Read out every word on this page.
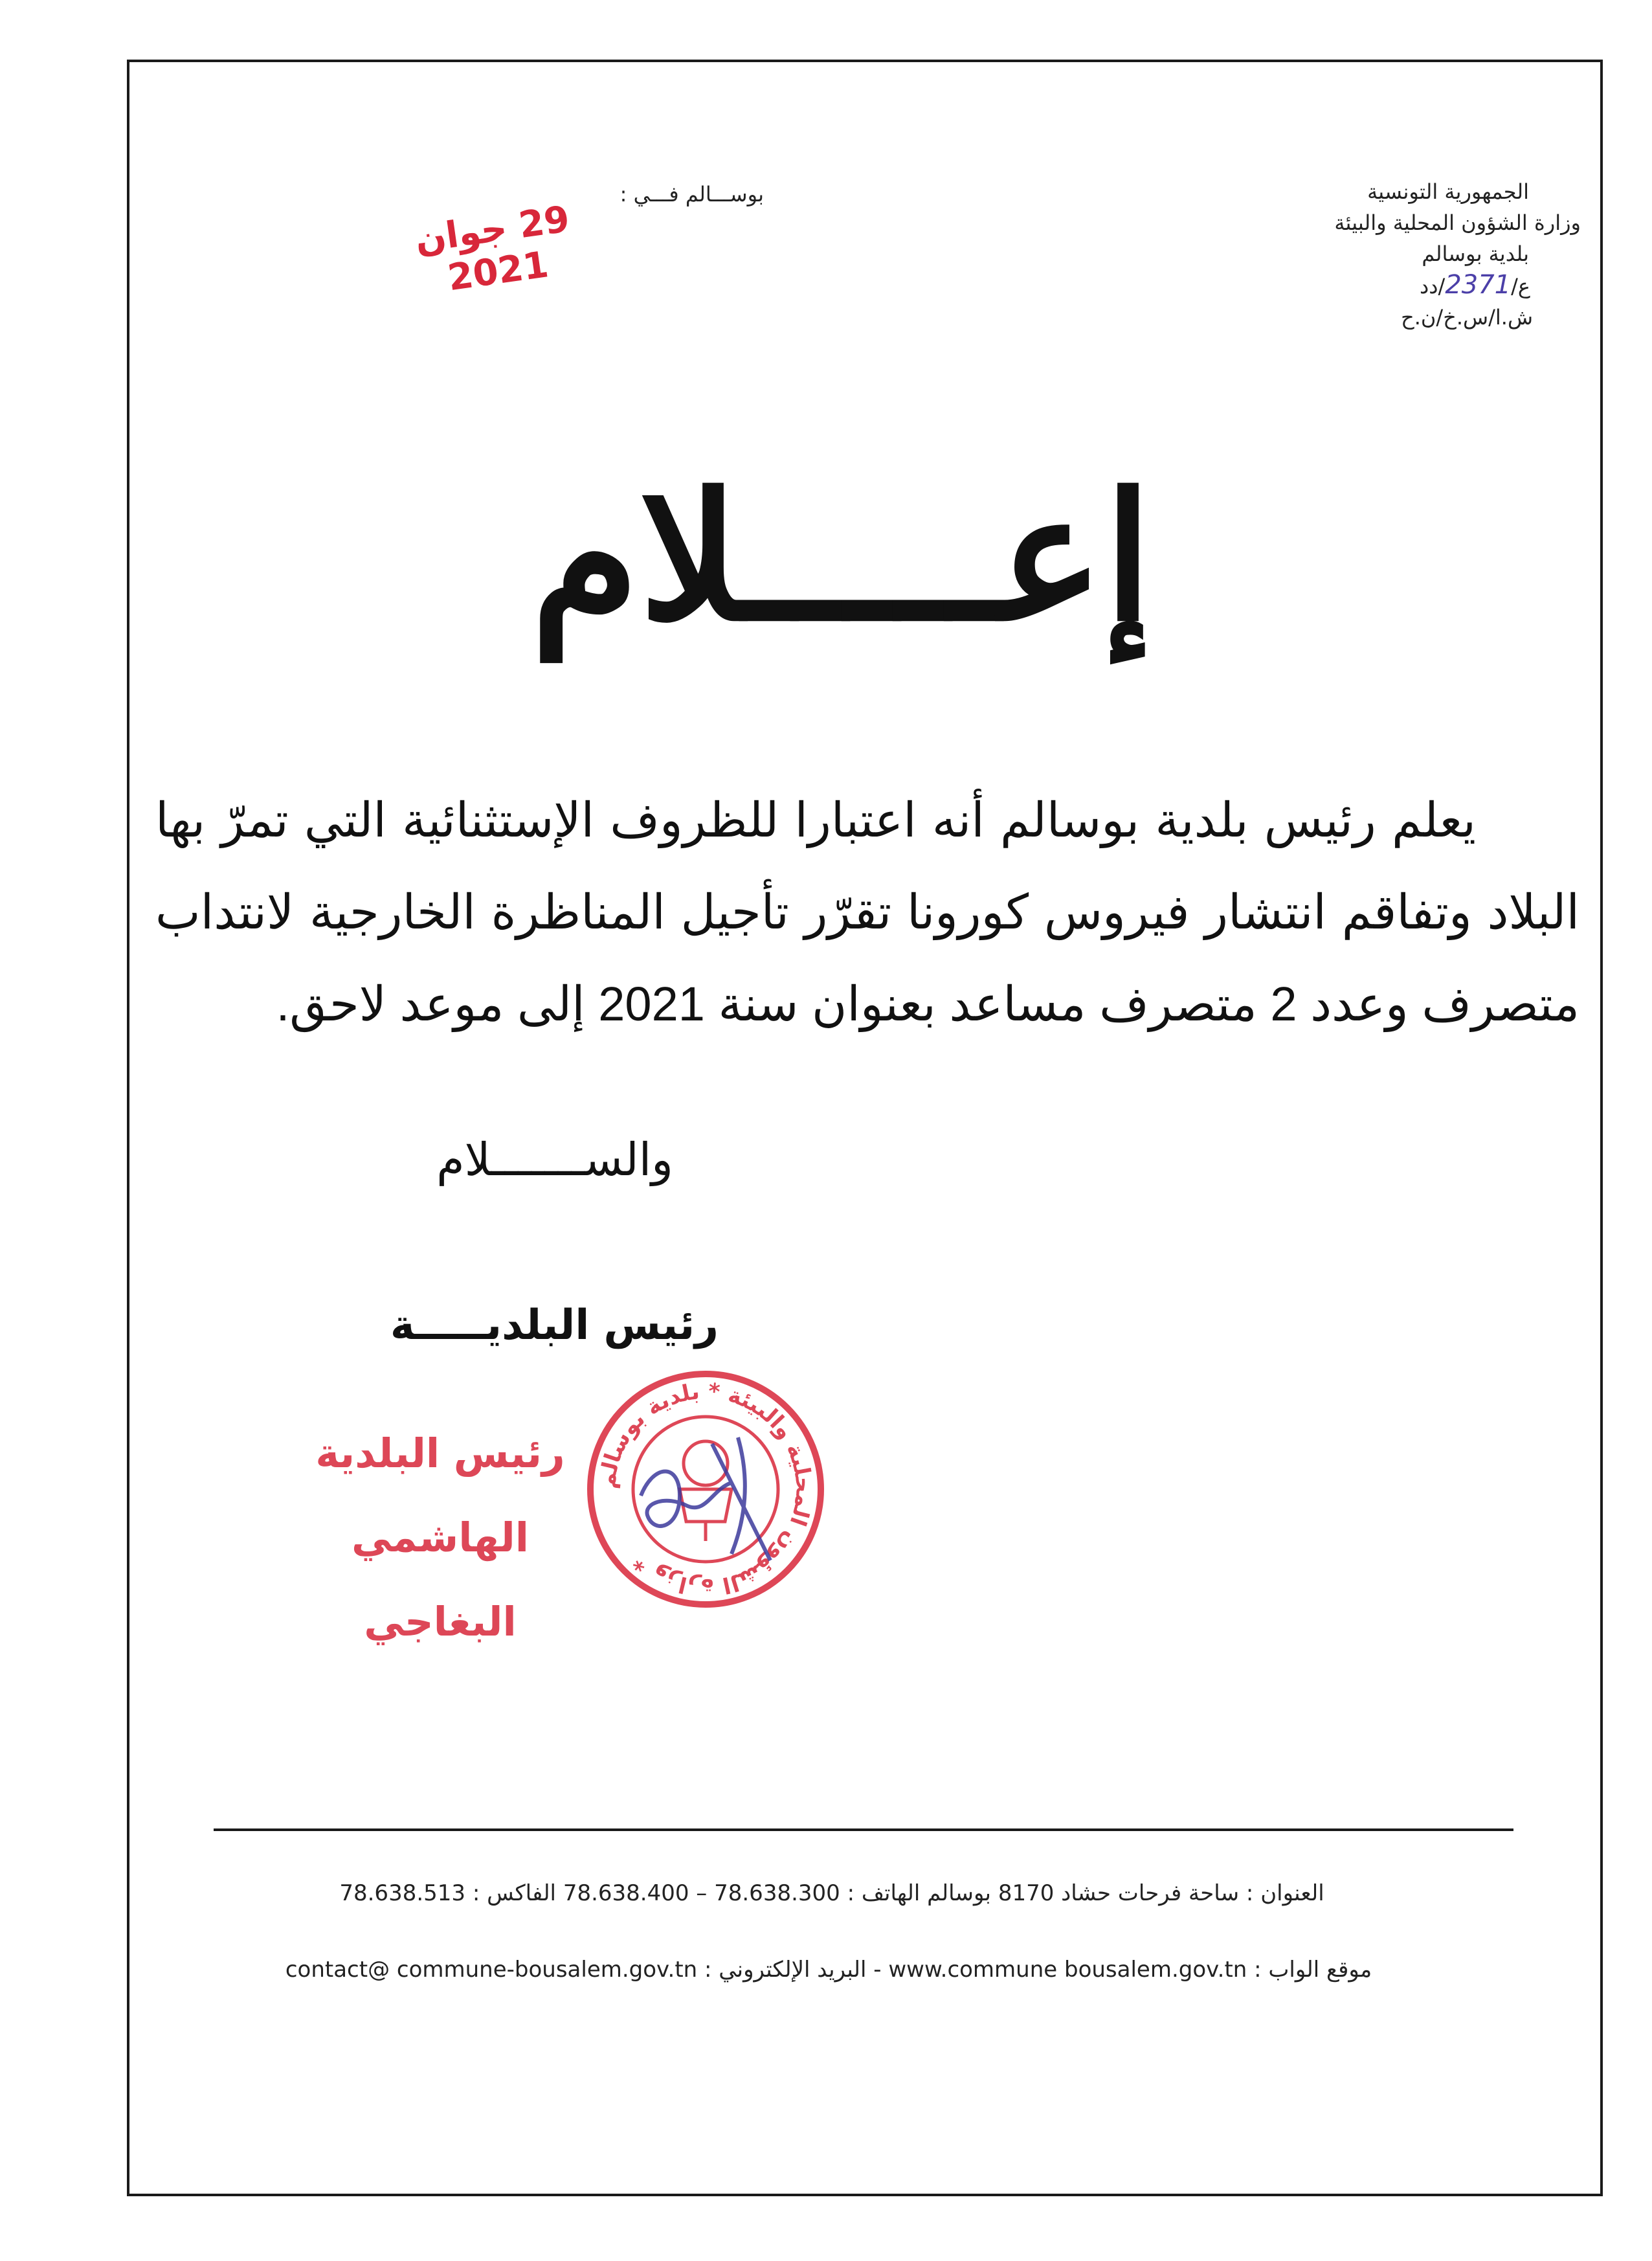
الجمهورية التونسية
وزارة الشؤون المحلية والبيئة
بلدية بوسالم
ع/2371/دد
ش.ا/س.خ/ن.ح
بوســـالم فـــي :
29 جوان 2021
إعـــــلام
يعلم رئيس بلدية بوسالم أنه اعتبارا للظروف الإستثنائية التي تمرّ بها البلاد وتفاقم انتشار فيروس كورونا تقرّر تأجيل المناظرة الخارجية لانتداب متصرف وعدد 2 متصرف مساعد بعنوان سنة 2021 إلى موعد لاحق.
والســـــــلام
رئيس البلديـــــة
رئيس البلدية
الهاشمي البغاجي
وزارة الشؤون المحلية والبيئة * بلدية بوسالم *
العنوان : ساحة فرحات حشاد 8170 بوسالم الهاتف : 78.638.300 – 78.638.400 الفاكس : 78.638.513
موقع الواب : www.commune bousalem.gov.tn - البريد الإلكتروني : contact@ commune-bousalem.gov.tn
